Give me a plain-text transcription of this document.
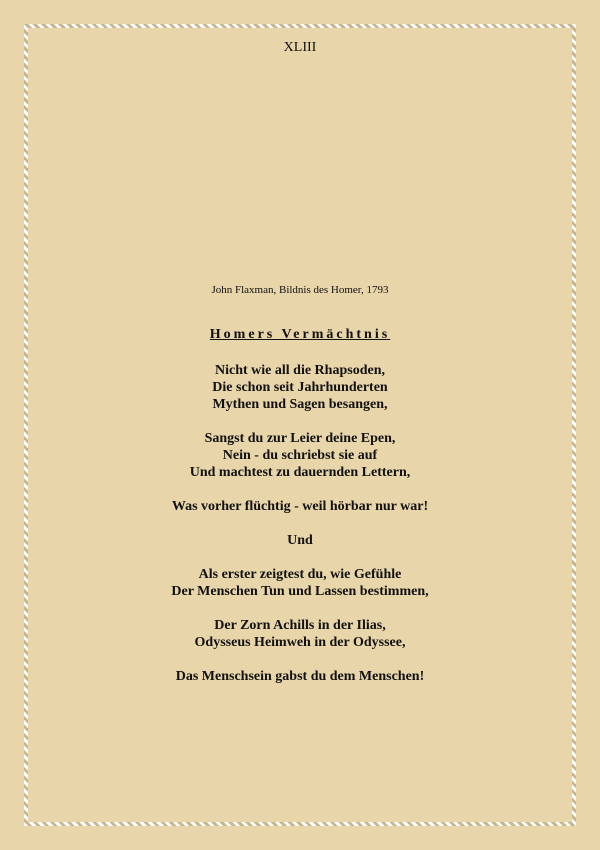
XLIII
John Flaxman, Bildnis des Homer, 1793
Homers Vermächtnis
Nicht wie all die Rhapsoden,
Die schon seit Jahrhunderten
Mythen und Sagen besangen,
Sangst du zur Leier deine Epen,
Nein - du schriebst sie auf
Und machtest zu dauernden Lettern,
Was vorher flüchtig - weil hörbar nur war!
Und
Als erster zeigtest du, wie Gefühle
Der Menschen Tun und Lassen bestimmen,
Der Zorn Achills in der Ilias,
Odysseus Heimweh in der Odyssee,
Das Menschsein gabst du dem Menschen!
